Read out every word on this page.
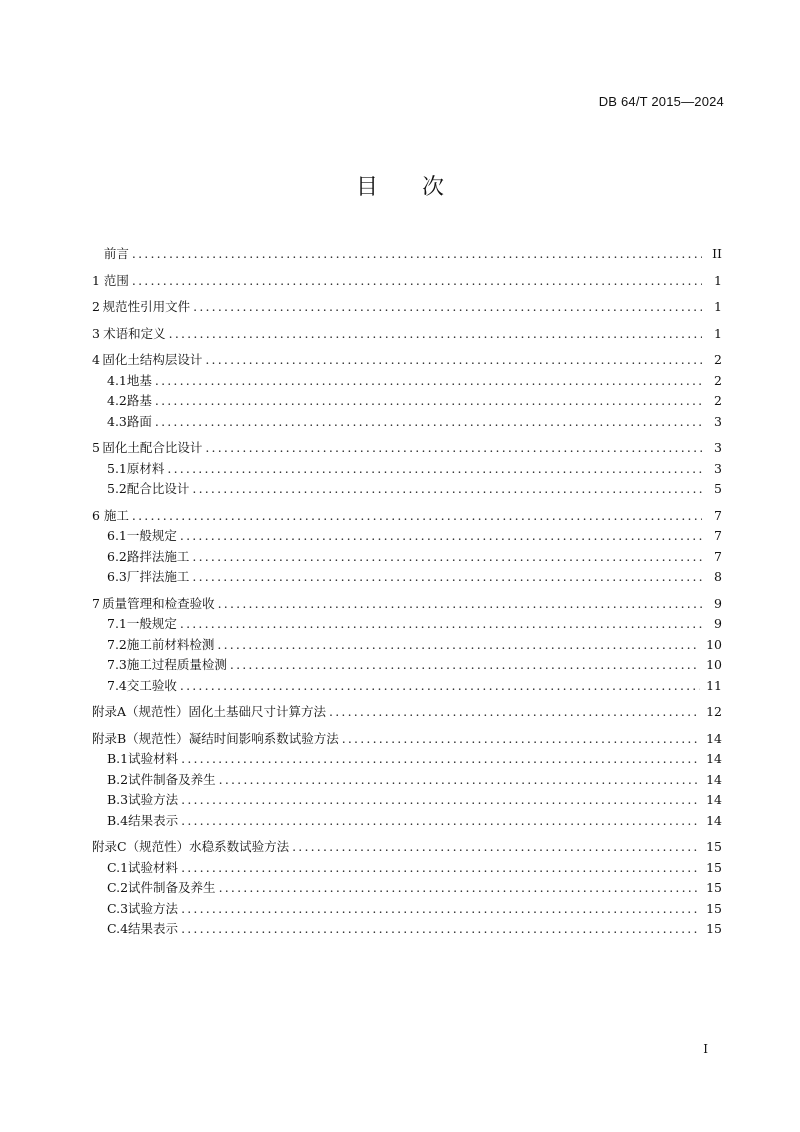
DB 64/T 2015—2024
目 次
前言 .....	II
1 范围 .....	1
2 规范性引用文件 .....	1
3 术语和定义 .....	1
4 固化土结构层设计 .....	2
4.1 地基 .....	2
4.2 路基 .....	2
4.3 路面 .....	3
5 固化土配合比设计 .....	3
5.1 原材料 .....	3
5.2 配合比设计 .....	5
6 施工 .....	7
6.1 一般规定 .....	7
6.2 路拌法施工 .....	7
6.3 厂拌法施工 .....	8
7 质量管理和检查验收 .....	9
7.1 一般规定 .....	9
7.2 施工前材料检测 .....	10
7.3 施工过程质量检测 .....	10
7.4 交工验收 .....	11
附录A（规范性） 固化土基础尺寸计算方法 .....	12
附录B（规范性） 凝结时间影响系数试验方法 .....	14
B.1 试验材料 .....	14
B.2 试件制备及养生 .....	14
B.3 试验方法 .....	14
B.4 结果表示 .....	14
附录C（规范性） 水稳系数试验方法 .....	15
C.1 试验材料 .....	15
C.2 试件制备及养生 .....	15
C.3 试验方法 .....	15
C.4 结果表示 .....	15
I
